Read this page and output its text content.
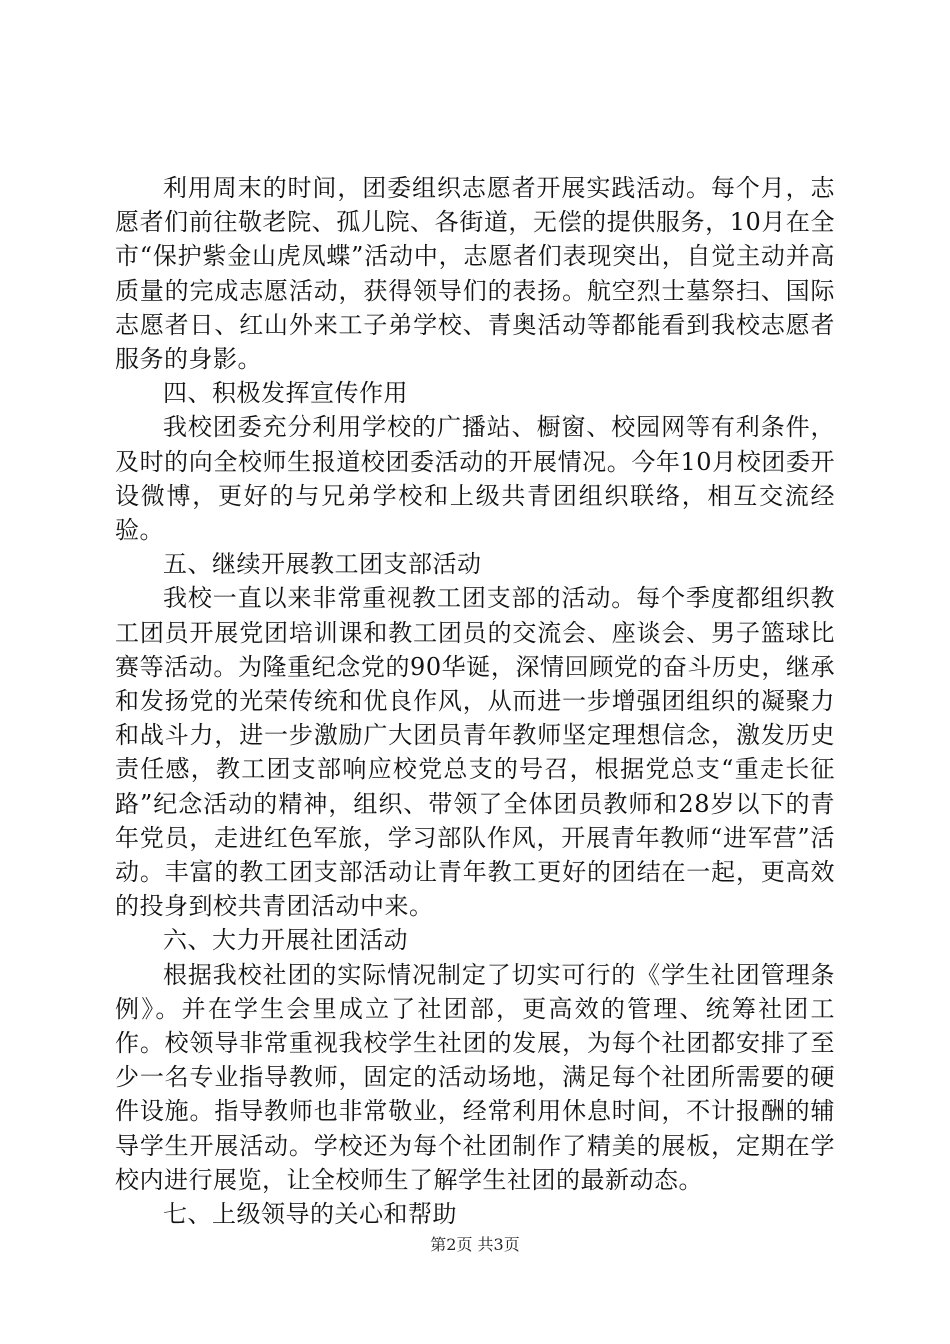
利用周末的时间，团委组织志愿者开展实践活动。每个月，志愿者们前往敬老院、孤儿院、各街道，无偿的提供服务，10月在全市“保护紫金山虎凤蝶”活动中，志愿者们表现突出，自觉主动并高质量的完成志愿活动，获得领导们的表扬。航空烈士墓祭扫、国际志愿者日、红山外来工子弟学校、青奥活动等都能看到我校志愿者服务的身影。

四、积极发挥宣传作用

我校团委充分利用学校的广播站、橱窗、校园网等有利条件，及时的向全校师生报道校团委活动的开展情况。今年10月校团委开设微博，更好的与兄弟学校和上级共青团组织联络，相互交流经验。

五、继续开展教工团支部活动

我校一直以来非常重视教工团支部的活动。每个季度都组织教工团员开展党团培训课和教工团员的交流会、座谈会、男子篮球比赛等活动。为隆重纪念党的90华诞，深情回顾党的奋斗历史，继承和发扬党的光荣传统和优良作风，从而进一步增强团组织的凝聚力和战斗力，进一步激励广大团员青年教师坚定理想信念，激发历史责任感，教工团支部响应校党总支的号召，根据党总支“重走长征路”纪念活动的精神，组织、带领了全体团员教师和28岁以下的青年党员，走进红色军旅，学习部队作风，开展青年教师“进军营”活动。丰富的教工团支部活动让青年教工更好的团结在一起，更高效的投身到校共青团活动中来。

六、大力开展社团活动

根据我校社团的实际情况制定了切实可行的《学生社团管理条例》。并在学生会里成立了社团部，更高效的管理、统筹社团工作。校领导非常重视我校学生社团的发展，为每个社团都安排了至少一名专业指导教师，固定的活动场地，满足每个社团所需要的硬件设施。指导教师也非常敬业，经常利用休息时间，不计报酬的辅导学生开展活动。学校还为每个社团制作了精美的展板，定期在学校内进行展览，让全校师生了解学生社团的最新动态。

七、上级领导的关心和帮助

第2页 共3页
